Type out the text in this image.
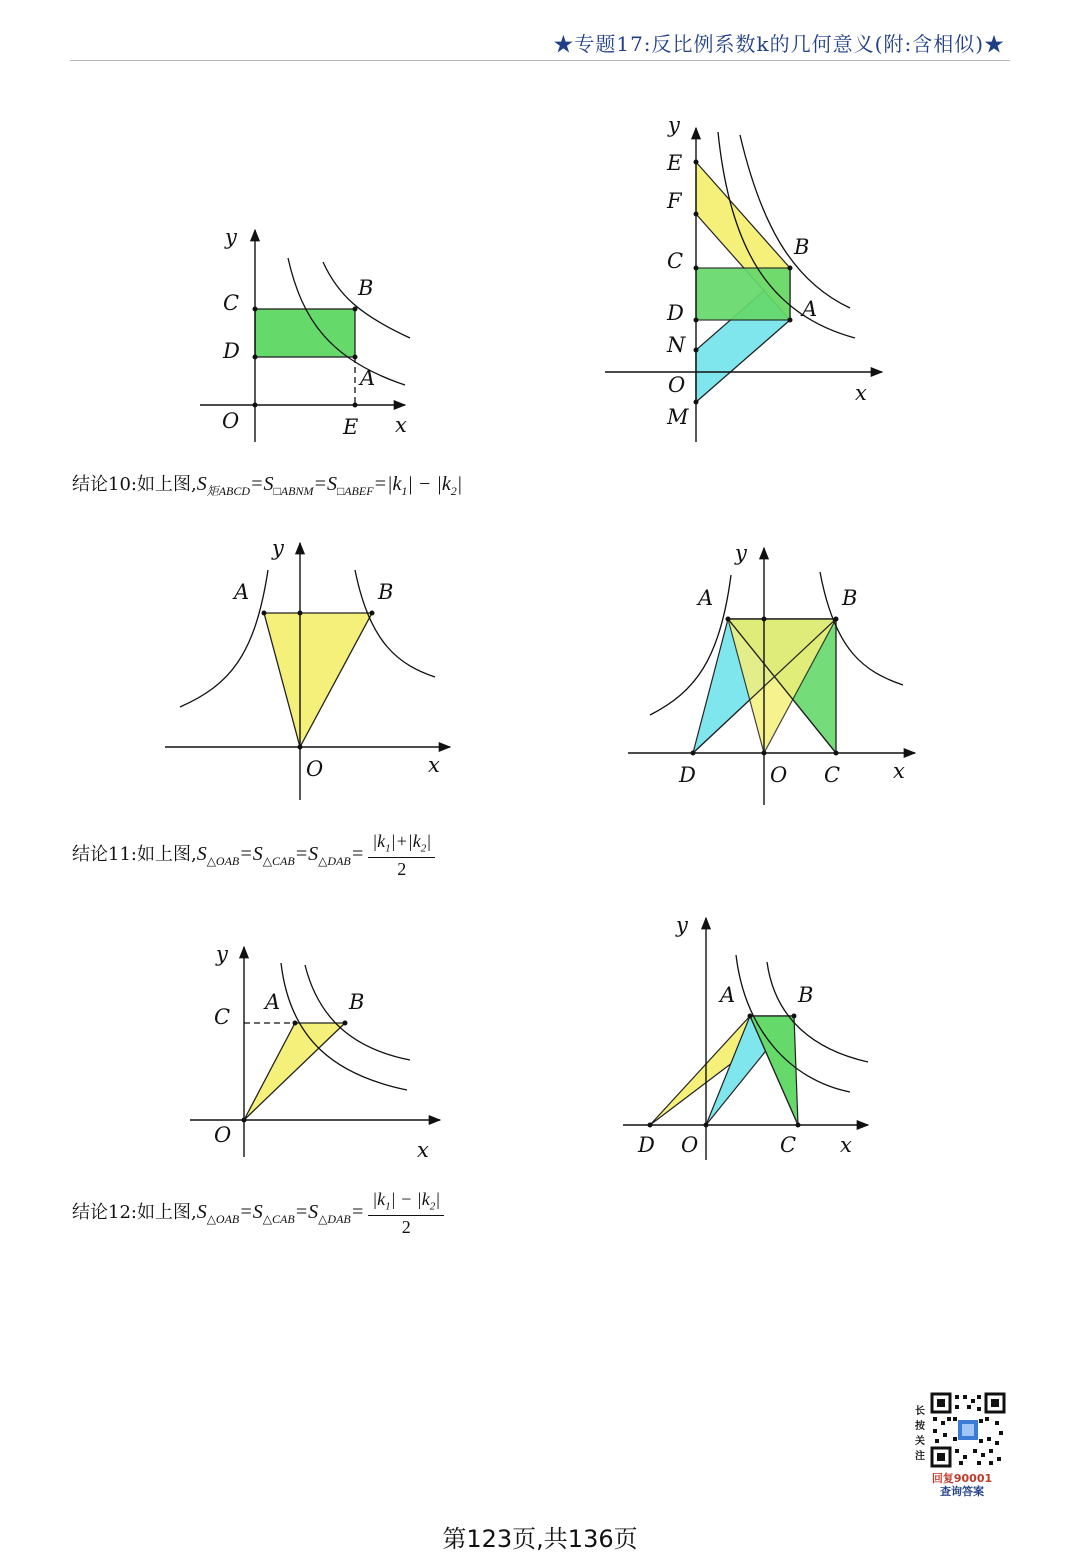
★专题17:反比例系数k的几何意义(附:含相似)★
y
x
O
C
D
B
A
E
y
x
O
E
F
C
D
N
M
B
A
结论10:如上图$,S_{矩ABCD}=S_{□ABNM}=S_{□ABEF}=|k_1| - |k_2|$
y
x
O
A	B
y
x
O
A	B
D	C
结论11:如上图$,S_{\triangle OAB}=S_{\triangle CAB}=S_{\triangle DAB}= \frac{|k_1|+|k_2|}{2}$
y
x
O
C
A	B
y
x
O
A	B
D	C
结论12:如上图$,S_{\triangle OAB}=S_{\triangle CAB}=S_{\triangle DAB}= \frac{|k_1| - |k_2|}{2}$
长
按
关
注
回复90001
查询答案
第123页,共136页
